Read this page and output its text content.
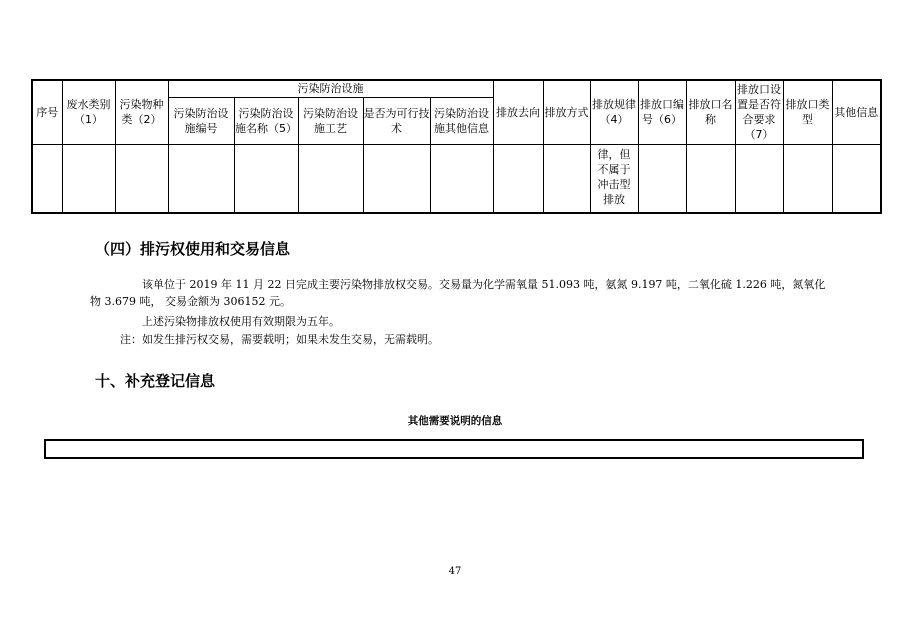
序号	废水类别（1）	污染物种类（2）	污染防治设施					排放去向	排放方式	排放规律（4）	排放口编号（6）	排放口名称	排放口设置是否符合要求（7）	排放口类型	其他信息

			污染防治设施编号	污染防治设施名称（5）	污染防治设施工艺	是否为可行技术	污染防治设施其他信息								

										律，但不属于冲击型排放					

（四）排污权使用和交易信息
该单位于 2019 年 11 月 22 日完成主要污染物排放权交易。交易量为化学需氧量 51.093 吨，氨氮 9.197 吨，二氧化硫 1.226 吨，氮氧化物 3.679 吨， 交易金额为 306152 元。
上述污染物排放权使用有效期限为五年。
注：如发生排污权交易，需要载明；如果未发生交易，无需载明。
十、补充登记信息
其他需要说明的信息
47
